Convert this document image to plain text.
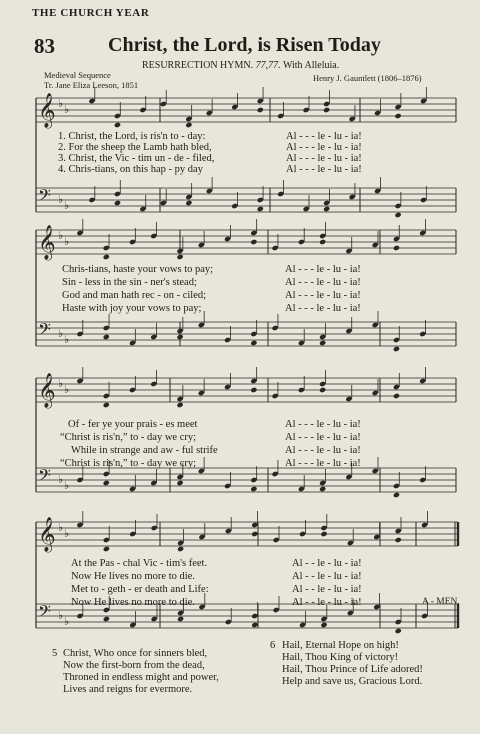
THE CHURCH YEAR
83	Christ, the Lord, is Risen Today
RESURRECTION HYMN. 77,77. With Alleluia.
Medieval Sequence
Tr. Jane Eliza Leeson, 1851
Henry J. Gauntlett (1806–1876)
𝄞 ♭ ♭
𝄢 ♭ ♭
1. Christ, the Lord, is ris'n to - day:
2. For the sheep the Lamb hath bled,
3. Christ, the Vic - tim un - de - filed,
4. Chris-tians, on this hap - py day
Al - - - le - lu - ia!
Al - - - le - lu - ia!
Al - - - le - lu - ia!
Al - - - le - lu - ia!
𝄞 ♭ ♭
𝄢 ♭ ♭
Chris-tians, haste your vows to pay;
Sin - less in the sin - ner's stead;
God and man hath rec - on - ciled;
Haste with joy your vows to pay;
Al - - - le - lu - ia!
Al - - - le - lu - ia!
Al - - - le - lu - ia!
Al - - - le - lu - ia!
𝄞 ♭ ♭
𝄢 ♭ ♭
Of - fer ye your prais - es meet
“Christ is ris'n,” to - day we cry;
While in strange and aw - ful strife
“Christ is ris'n,” to - day we cry;
Al - - - le - lu - ia!
Al - - - le - lu - ia!
Al - - - le - lu - ia!
Al - - - le - lu - ia!
𝄞 ♭ ♭
𝄢 ♭ ♭
At the Pas - chal Vic - tim's feet.
Now He lives no more to die.
Met to - geth - er death and Life:
Now He lives no more to die.
Al - - le - lu - ia!
Al - - le - lu - ia!
Al - - le - lu - ia!
Al - - le - lu - ia!	A - MEN.
5 Christ, Who once for sinners bled,
Now the first-born from the dead,
Throned in endless might and power,
Lives and reigns for evermore.
6 Hail, Eternal Hope on high!
Hail, Thou King of victory!
Hail, Thou Prince of Life adored!
Help and save us, Gracious Lord.
